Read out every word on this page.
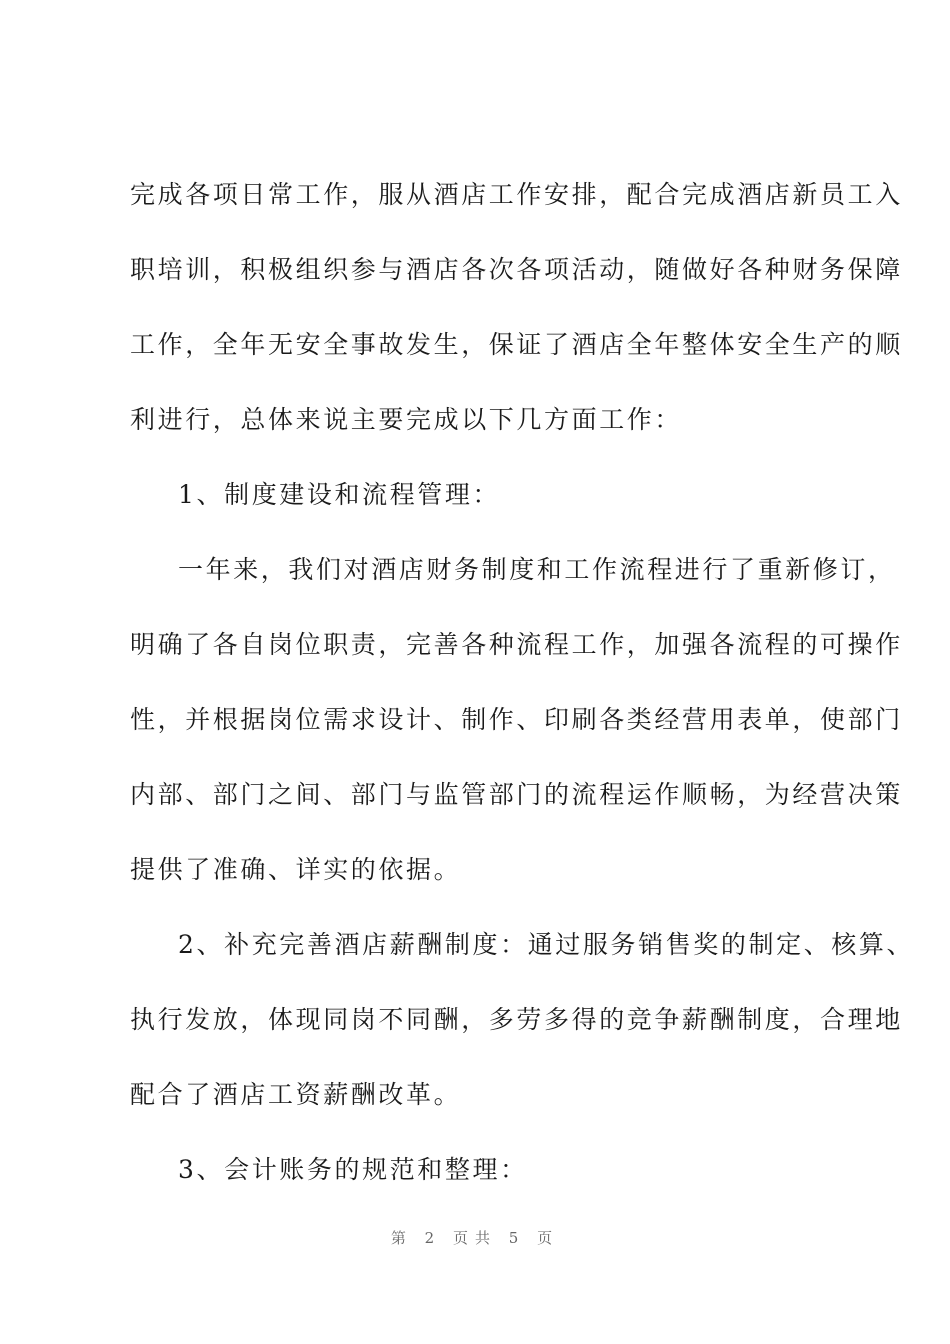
完成各项日常工作，服从酒店工作安排，配合完成酒店新员工入
职培训，积极组织参与酒店各次各项活动，随做好各种财务保障
工作，全年无安全事故发生，保证了酒店全年整体安全生产的顺
利进行，总体来说主要完成以下几方面工作：
1、制度建设和流程管理：
一年来，我们对酒店财务制度和工作流程进行了重新修订，
明确了各自岗位职责，完善各种流程工作，加强各流程的可操作
性，并根据岗位需求设计、制作、印刷各类经营用表单，使部门
内部、部门之间、部门与监管部门的流程运作顺畅，为经营决策
提供了准确、详实的依据。
2、补充完善酒店薪酬制度：通过服务销售奖的制定、核算、
执行发放，体现同岗不同酬，多劳多得的竞争薪酬制度，合理地
配合了酒店工资薪酬改革。
3、会计账务的规范和整理：
第 2 页共 5 页
